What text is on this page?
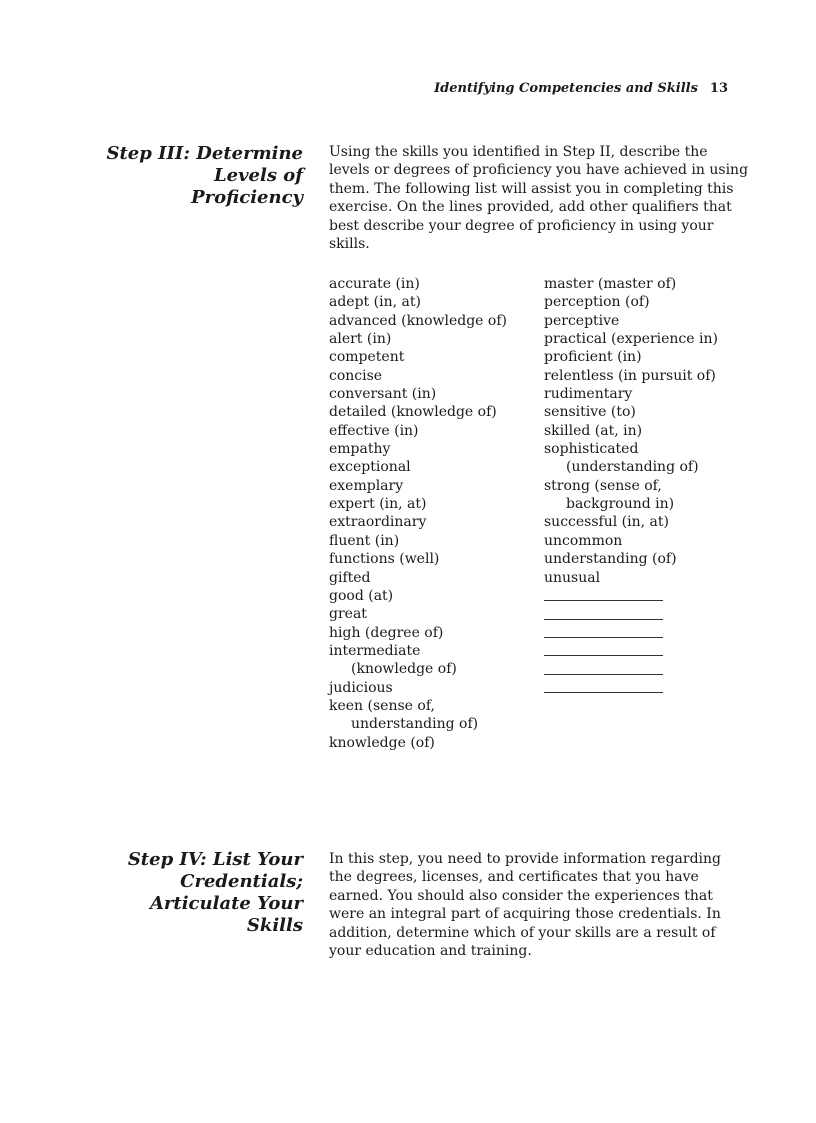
Identifying Competencies and Skills 13
Step III: Determine
Levels of
Proficiency

Using the skills you identified in Step II, describe the
levels or degrees of proficiency you have achieved in using
them. The following list will assist you in completing this
exercise. On the lines provided, add other qualifiers that
best describe your degree of proficiency in using your
skills.

accurate (in)
adept (in, at)
advanced (knowledge of)
alert (in)
competent
concise
conversant (in)
detailed (knowledge of)
effective (in)
empathy
exceptional
exemplary
expert (in, at)
extraordinary
fluent (in)
functions (well)
gifted
good (at)
great
high (degree of)
intermediate
(knowledge of)
judicious
keen (sense of,
understanding of)
knowledge (of)
master (master of)
perception (of)
perceptive
practical (experience in)
proficient (in)
relentless (in pursuit of)
rudimentary
sensitive (to)
skilled (at, in)
sophisticated
(understanding of)
strong (sense of,
background in)
successful (in, at)
uncommon
understanding (of)
unusual
Step IV: List Your
Credentials;
Articulate Your
Skills

In this step, you need to provide information regarding
the degrees, licenses, and certificates that you have
earned. You should also consider the experiences that
were an integral part of acquiring those credentials. In
addition, determine which of your skills are a result of
your education and training.
